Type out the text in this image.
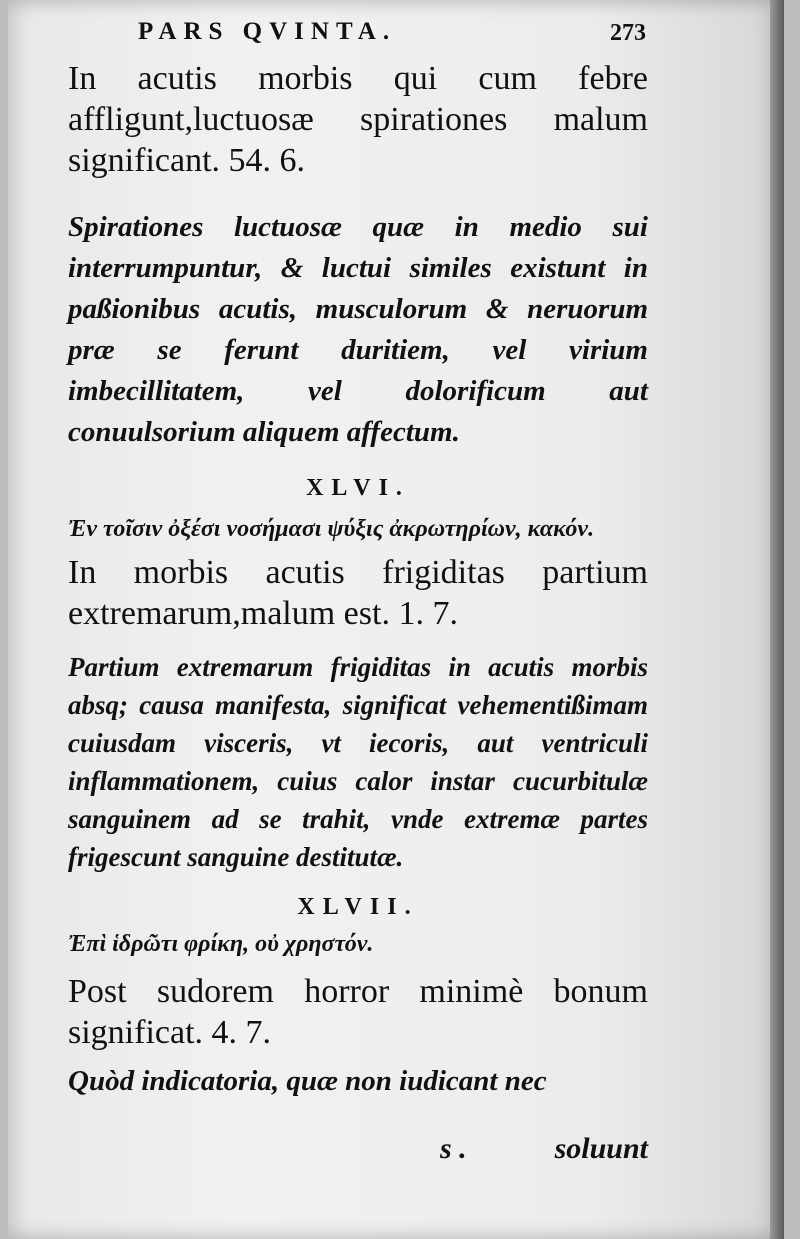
PARS QVINTA.	273

In acutis morbis qui cum febre affligunt,luctuosæ spirationes malum significant. 54. 6.

Spirationes luctuosæ quæ in medio sui interrumpuntur, & luctui similes existunt in paßionibus acutis, musculorum & neruorum præ se ferunt duritiem, vel virium imbecillitatem, vel dolorificum aut conuulsorium aliquem affectum.

XLVI.

Ἐν τοῖσιν ὀξέσι νοσήμασι ψύξις ἀκρωτηρίων, κακόν.

In morbis acutis frigiditas partium extremarum,malum est. 1. 7.

Partium extremarum frigiditas in acutis morbis absq; causa manifesta, significat vehementißimam cuiusdam visceris, vt iecoris, aut ventriculi inflammationem, cuius calor instar cucurbitulæ sanguinem ad se trahit, vnde extremæ partes frigescunt sanguine destitutæ.

XLVII.

Ἐπὶ ἱδρῶτι φρίκη, οὐ χρηστόν.

Post sudorem horror minimè bonum significat. 4. 7.

Quòd indicatoria, quæ non iudicant nec

s .	soluunt
